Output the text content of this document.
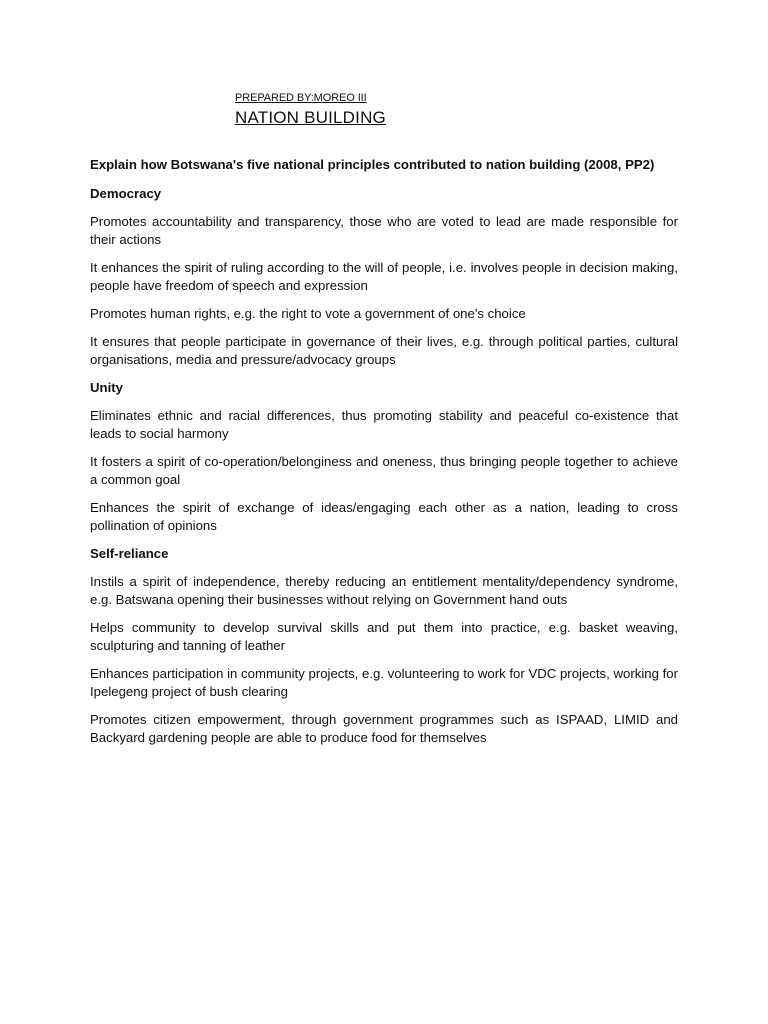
PREPARED BY:MOREO III
NATION BUILDING
Explain how Botswana's five national principles contributed to nation building (2008, PP2)
Democracy

Promotes accountability and transparency, those who are voted to lead are made responsible for their actions

It enhances the spirit of ruling according to the will of people, i.e. involves people in decision making, people have freedom of speech and expression

Promotes human rights, e.g. the right to vote a government of one's choice

It ensures that people participate in governance of their lives, e.g. through political parties, cultural organisations, media and pressure/advocacy groups

Unity

Eliminates ethnic and racial differences, thus promoting stability and peaceful co-existence that leads to social harmony

It fosters a spirit of co-operation/belonginess and oneness, thus bringing people together to achieve a common goal

Enhances the spirit of exchange of ideas/engaging each other as a nation, leading to cross pollination of opinions

Self-reliance

Instils a spirit of independence, thereby reducing an entitlement mentality/dependency syndrome, e.g. Batswana opening their businesses without relying on Government hand outs

Helps community to develop survival skills and put them into practice, e.g. basket weaving, sculpturing and tanning of leather

Enhances participation in community projects, e.g. volunteering to work for VDC projects, working for Ipelegeng project of bush clearing

Promotes citizen empowerment, through government programmes such as ISPAAD, LIMID and Backyard gardening people are able to produce food for themselves
